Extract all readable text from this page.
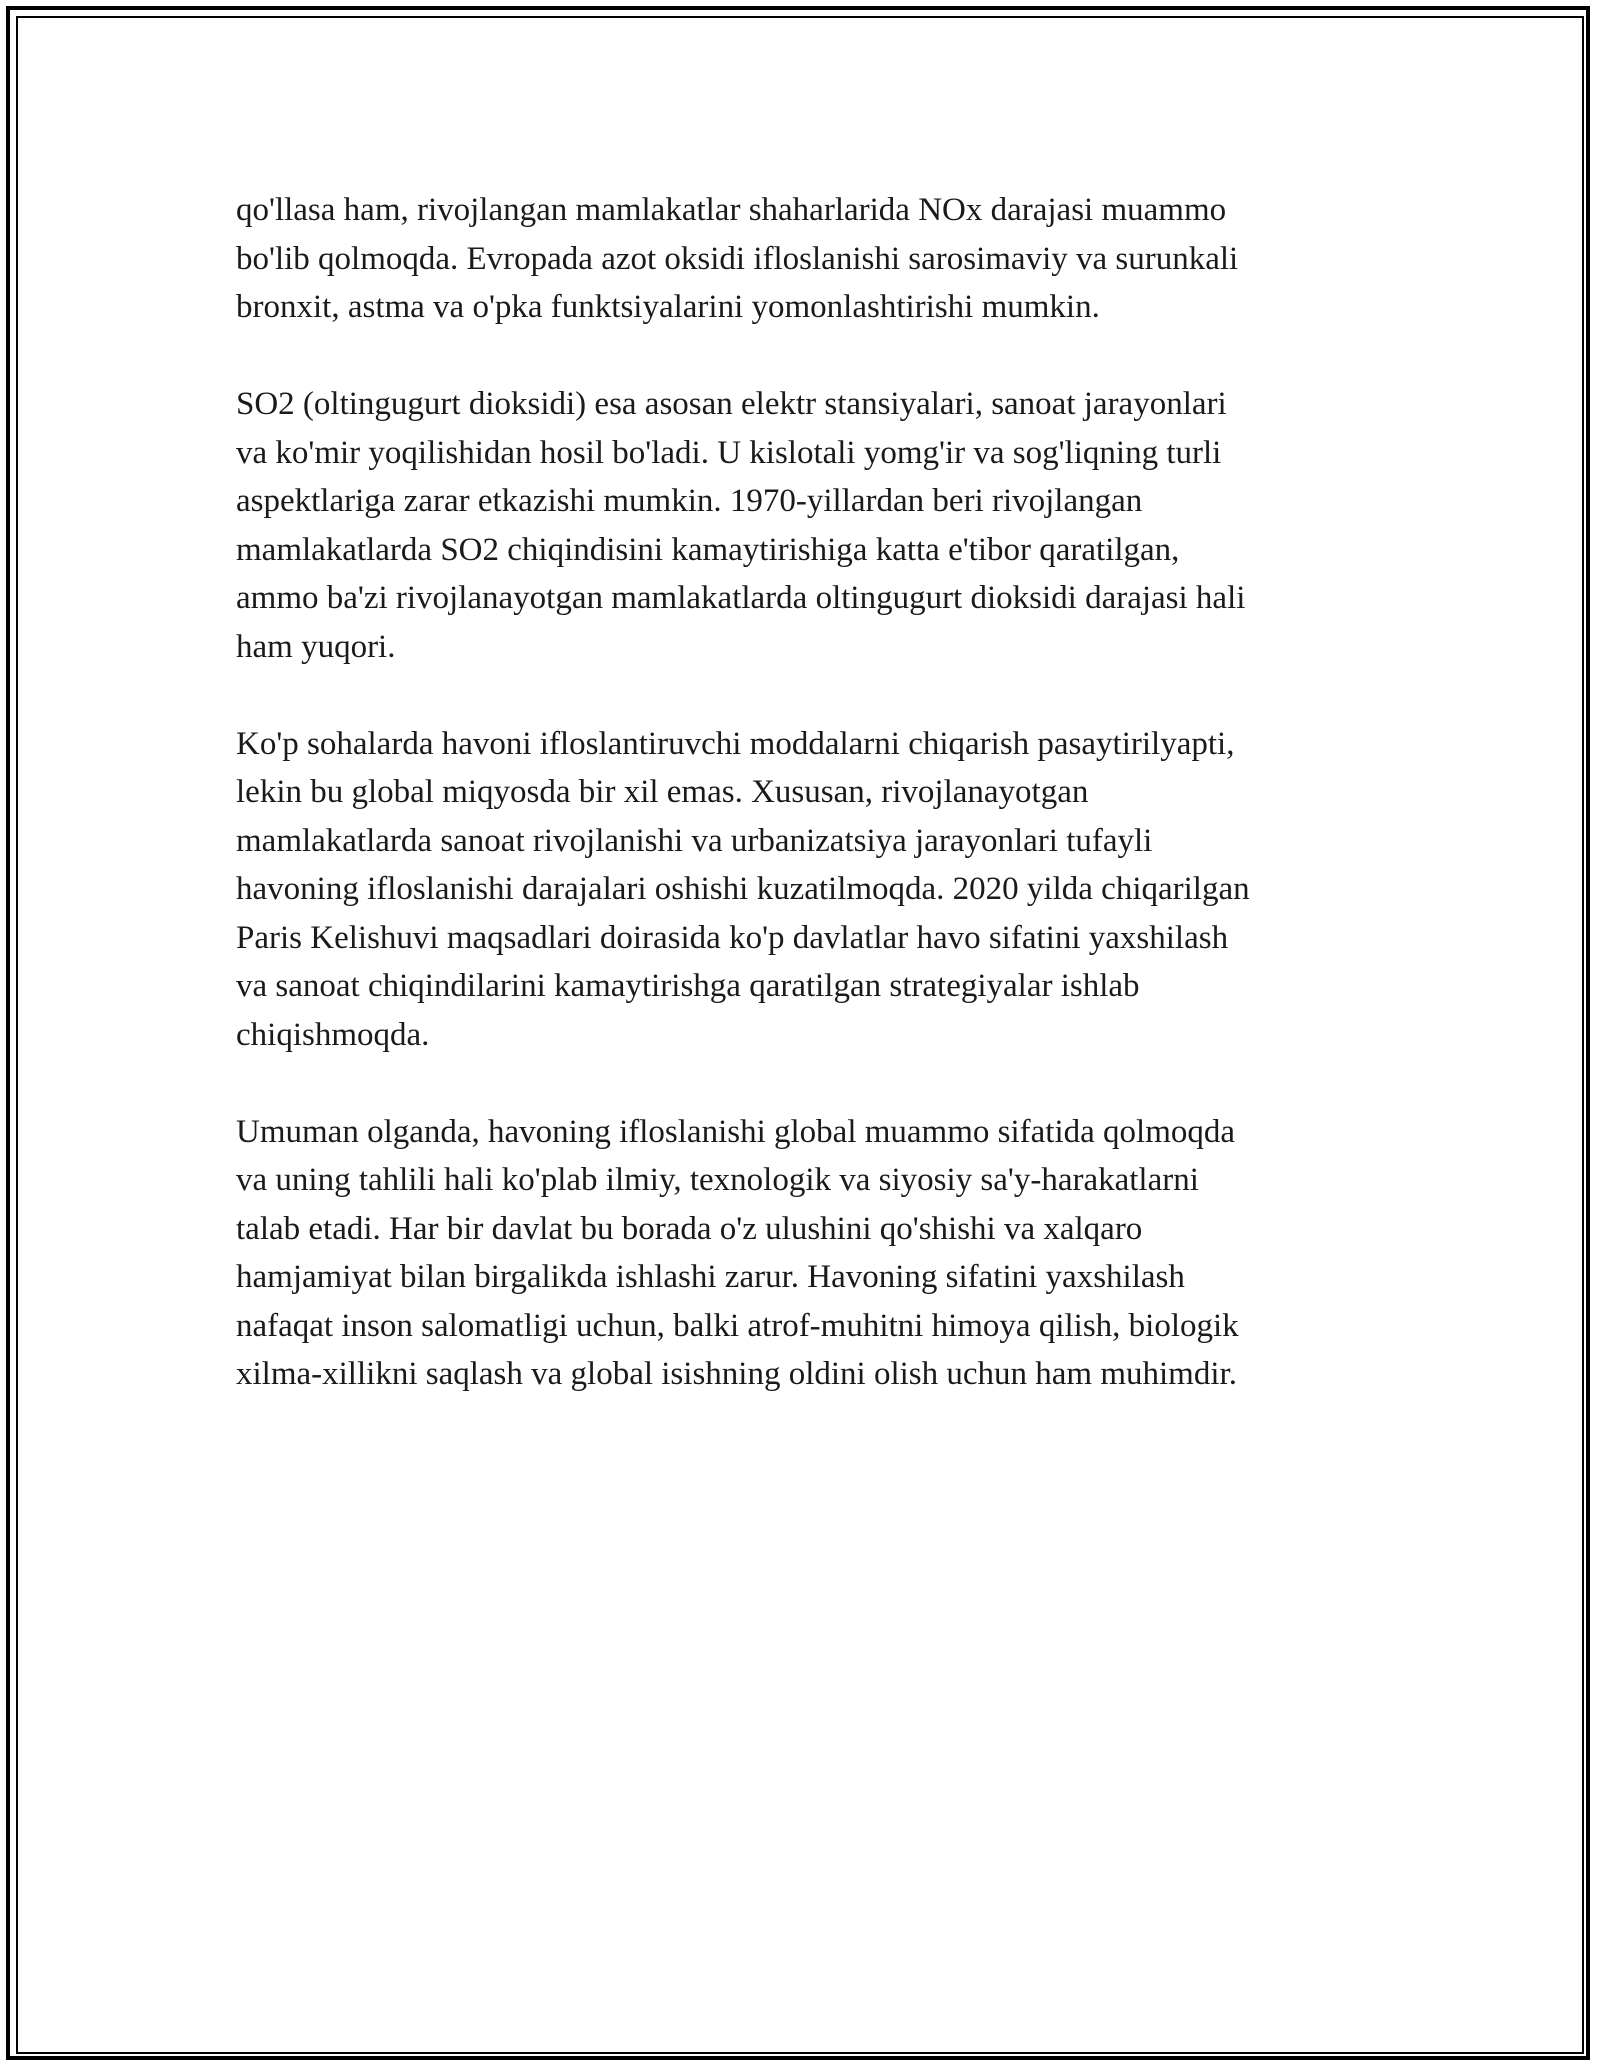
qo'llasa ham, rivojlangan mamlakatlar shaharlarida NOx darajasi muammo
bo'lib qolmoqda. Evropada azot oksidi ifloslanishi sarosimaviy va surunkali
bronxit, astma va o'pka funktsiyalarini yomonlashtirishi mumkin.

SO2 (oltingugurt dioksidi) esa asosan elektr stansiyalari, sanoat jarayonlari
va ko'mir yoqilishidan hosil bo'ladi. U kislotali yomg'ir va sog'liqning turli
aspektlariga zarar etkazishi mumkin. 1970-yillardan beri rivojlangan
mamlakatlarda SO2 chiqindisini kamaytirishiga katta e'tibor qaratilgan,
ammo ba'zi rivojlanayotgan mamlakatlarda oltingugurt dioksidi darajasi hali
ham yuqori.

Ko'p sohalarda havoni ifloslantiruvchi moddalarni chiqarish pasaytirilyapti,
lekin bu global miqyosda bir xil emas. Xususan, rivojlanayotgan
mamlakatlarda sanoat rivojlanishi va urbanizatsiya jarayonlari tufayli
havoning ifloslanishi darajalari oshishi kuzatilmoqda. 2020 yilda chiqarilgan
Paris Kelishuvi maqsadlari doirasida ko'p davlatlar havo sifatini yaxshilash
va sanoat chiqindilarini kamaytirishga qaratilgan strategiyalar ishlab
chiqishmoqda.

Umuman olganda, havoning ifloslanishi global muammo sifatida qolmoqda
va uning tahlili hali ko'plab ilmiy, texnologik va siyosiy sa'y-harakatlarni
talab etadi. Har bir davlat bu borada o'z ulushini qo'shishi va xalqaro
hamjamiyat bilan birgalikda ishlashi zarur. Havoning sifatini yaxshilash
nafaqat inson salomatligi uchun, balki atrof-muhitni himoya qilish, biologik
xilma-xillikni saqlash va global isishning oldini olish uchun ham muhimdir.
